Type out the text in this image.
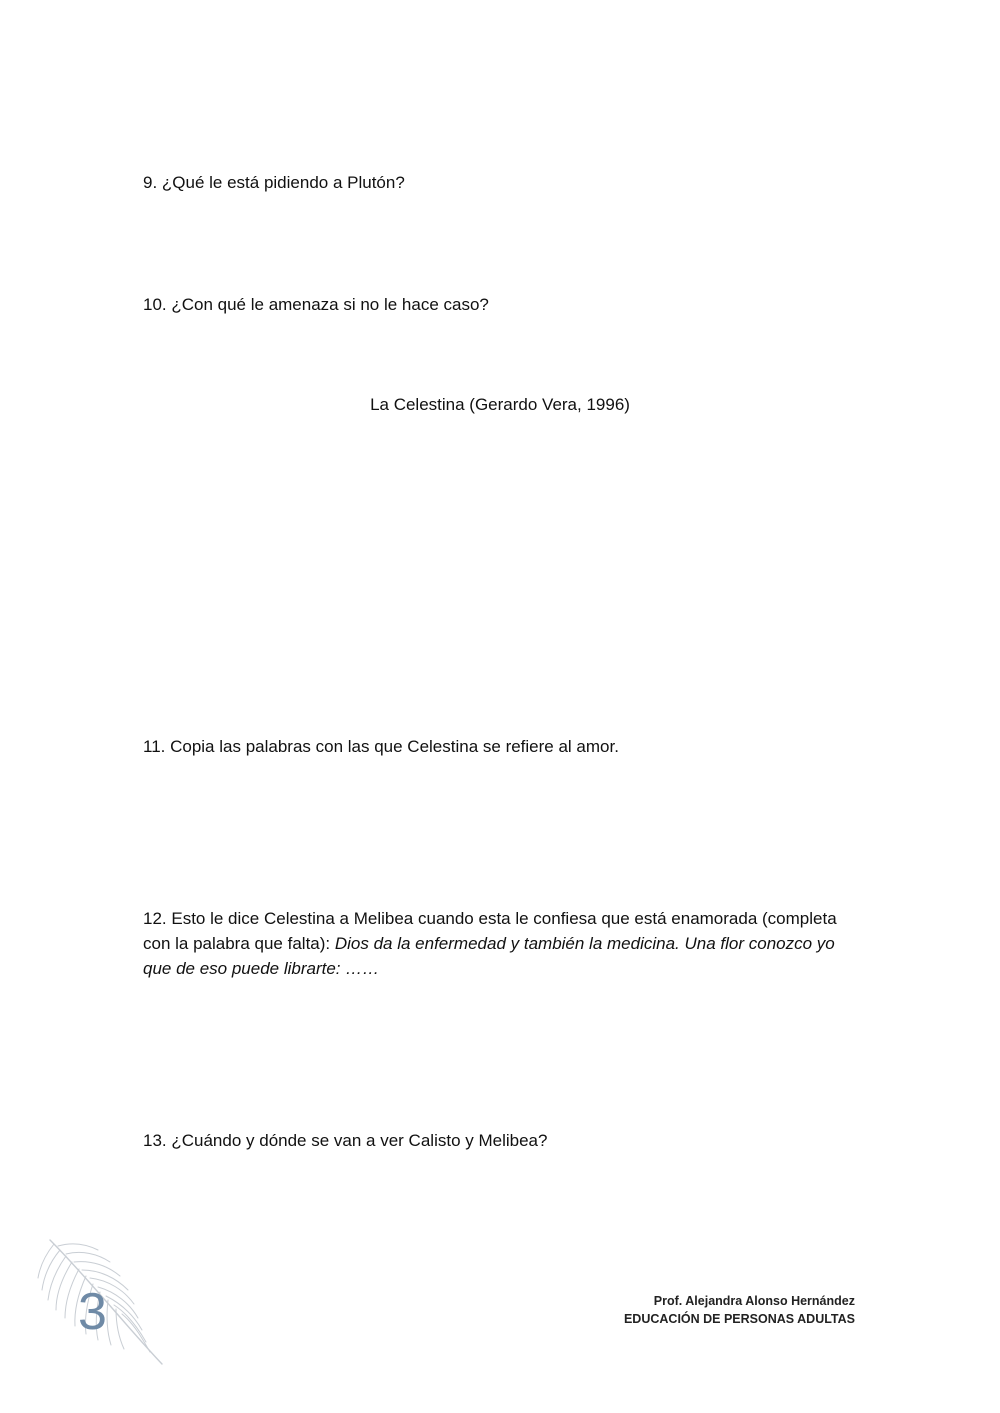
9. ¿Qué le está pidiendo a Plutón?

10. ¿Con qué le amenaza si no le hace caso?

La Celestina (Gerardo Vera, 1996)

11. Copia las palabras con las que Celestina se refiere al amor.

12. Esto le dice Celestina a Melibea cuando esta le confiesa que está enamorada (completa con la palabra que falta): Dios da la enfermedad y también la medicina. Una flor conozco yo que de eso puede librarte: ……

13. ¿Cuándo y dónde se van a ver Calisto y Melibea?

3	Prof. Alejandra Alonso Hernández
EDUCACIÓN DE PERSONAS ADULTAS
